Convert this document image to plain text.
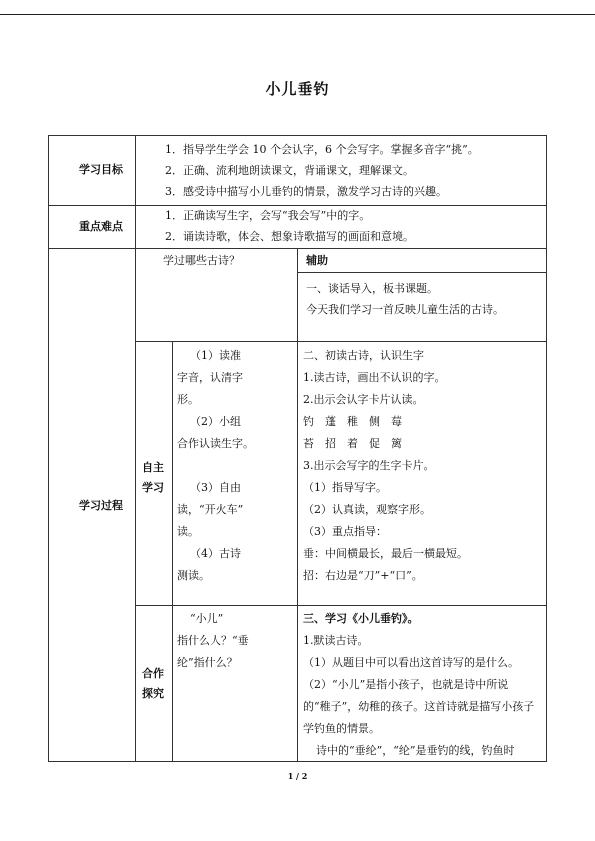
小儿垂钓
学习目标
1．指导学生学会 10 个会认字，6 个会写字。掌握多音字“挑”。
2．正确、流利地朗读课文，背诵课文，理解课文。
3．感受诗中描写小儿垂钓的情景，激发学习古诗的兴趣。
重点难点
1．正确读写生字，会写“我会写”中的字。
2．诵读诗歌，体会、想象诗歌描写的画面和意境。
学习过程
学过哪些古诗？	辅助
一、谈话导入，板书课题。
今天我们学习一首反映儿童生活的古诗。
自主
学习
（1）读准
字音，认清字
形。
（2）小组
合作认读生字。
（3）自由
读，“开火车”
读。
（4）古诗
测读。
二、初读古诗，认识生字
1.读古诗，画出不认识的字。
2.出示会认字卡片认读。
钓　蓬　稚　侧　莓
苔　招　着　促　篱
3.出示会写字的生字卡片。
（1）指导写字。
（2）认真读，观察字形。
（3）重点指导：
垂：中间横最长，最后一横最短。
招：右边是“刀”+“口”。
合作
探究
“小儿”
指什么人？“垂
纶”指什么？
三、学习《小儿垂钓》。
1.默读古诗。
（1）从题目中可以看出这首诗写的是什么。
（2）“小儿”是指小孩子，也就是诗中所说
的“稚子”，幼稚的孩子。这首诗就是描写小孩子
学钓鱼的情景。
诗中的“垂纶”，“纶”是垂钓的线，钓鱼时
1 / 2
